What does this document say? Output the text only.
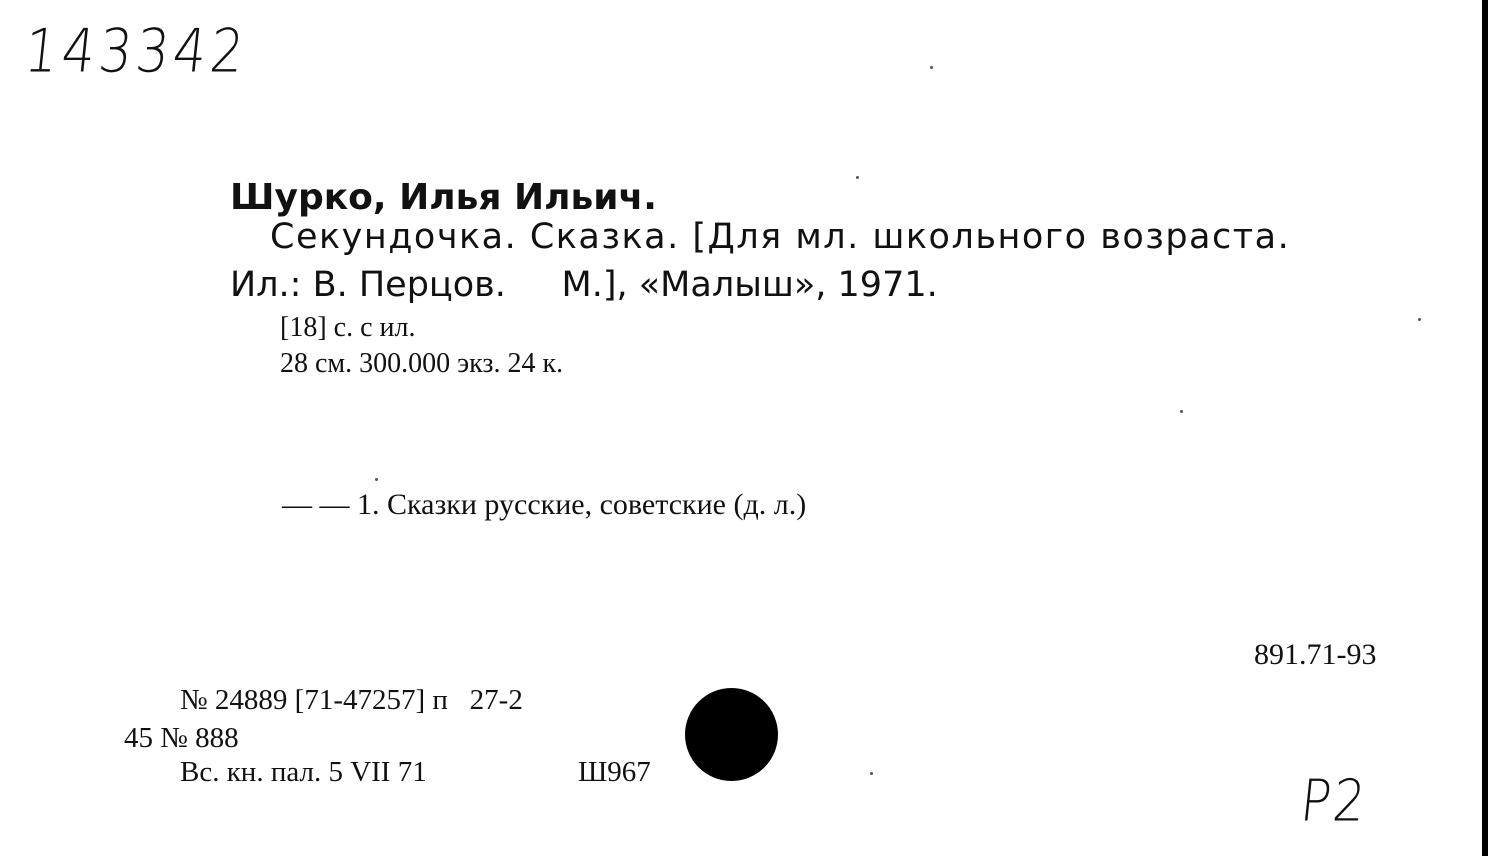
143342
Шурко, Илья Ильич.
Секундочка. Сказка. [Для мл. школьного возраста.
Ил.: В. Перцов.     М.], «Малыш», 1971.
[18] с. с ил.
28 см. 300.000 экз. 24 к.
— — 1. Сказки русские, советские (д. л.)
891.71-93
№ 24889 [71-47257] п   27-2
45 № 888
Вс. кн. пал. 5 VII 71	Ш967	Р2
